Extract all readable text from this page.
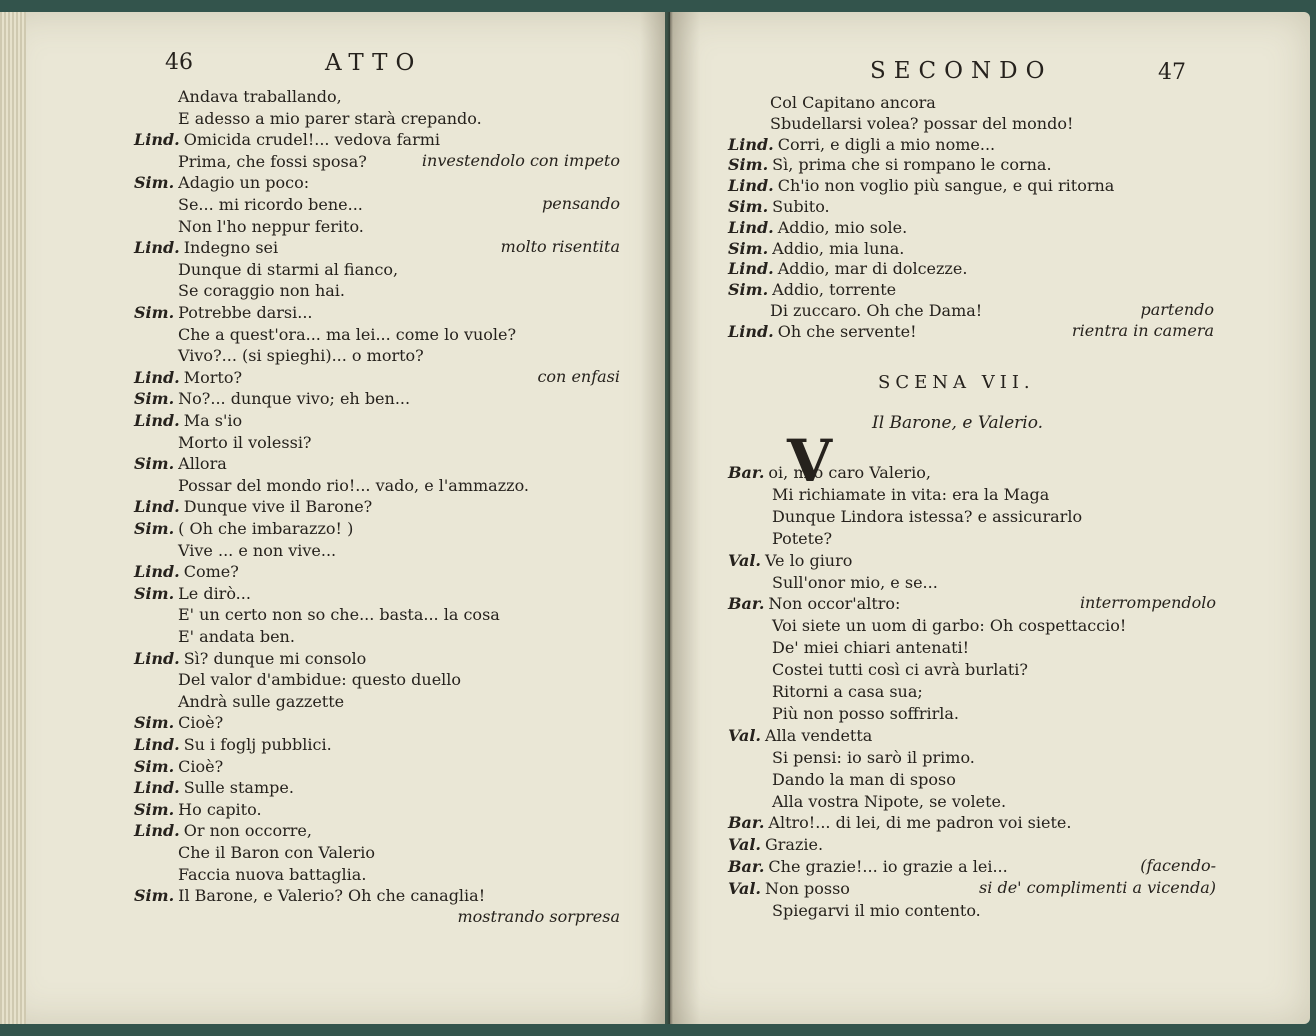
46	ATTO	SECONDO	47
Andava traballando,
E adesso a mio parer starà crepando.
Lind. Omicida crudel!... vedova farmi
Prima, che fossi sposa?	investendolo con impeto
Sim. Adagio un poco:
Se... mi ricordo bene...	pensando
Non l'ho neppur ferito.
Lind. Indegno sei	molto risentita
Dunque di starmi al fianco,
Se coraggio non hai.
Sim. Potrebbe darsi...
Che a quest'ora... ma lei... come lo vuole?
Vivo?... (si spieghi)... o morto?
Lind. Morto?	con enfasi
Sim. No?... dunque vivo; eh ben...
Lind. Ma s'io
Morto il volessi?
Sim. Allora
Possar del mondo rio!... vado, e l'ammazzo.
Lind. Dunque vive il Barone?
Sim. ( Oh che imbarazzo! )
Vive ... e non vive...
Lind. Come?
Sim. Le dirò...
E' un certo non so che... basta... la cosa
E' andata ben.
Lind. Sì? dunque mi consolo
Del valor d'ambidue: questo duello
Andrà sulle gazzette
Sim. Cioè?
Lind. Su i foglj pubblici.
Sim. Cioè?
Lind. Sulle stampe.
Sim. Ho capito.
Lind. Or non occorre,
Che il Baron con Valerio
Faccia nuova battaglia.
Sim. Il Barone, e Valerio? Oh che canaglia!
mostrando sorpresa
Col Capitano ancora
Sbudellarsi volea? possar del mondo!
Lind. Corri, e digli a mio nome...
Sim. Sì, prima che si rompano le corna.
Lind. Ch'io non voglio più sangue, e qui ritorna
Sim. Subito.
Lind. Addio, mio sole.
Sim. Addio, mia luna.
Lind. Addio, mar di dolcezze.
Sim. Addio, torrente
Di zuccaro. Oh che Dama!	partendo
Lind. Oh che servente!	rientra in camera
SCENA VII.
Il Barone, e Valerio.
V
Bar. oi, mio caro Valerio,
Mi richiamate in vita: era la Maga
Dunque Lindora istessa? e assicurarlo
Potete?
Val. Ve lo giuro
Sull'onor mio, e se...
Bar. Non occor'altro:	interrompendolo
Voi siete un uom di garbo: Oh cospettaccio!
De' miei chiari antenati!
Costei tutti così ci avrà burlati?
Ritorni a casa sua;
Più non posso soffrirla.
Val. Alla vendetta
Si pensi: io sarò il primo.
Dando la man di sposo
Alla vostra Nipote, se volete.
Bar. Altro!... di lei, di me padron voi siete.
Val. Grazie.
Bar. Che grazie!... io grazie a lei...	(facendo-
Val. Non posso	si de' complimenti a vicenda)
Spiegarvi il mio contento.
